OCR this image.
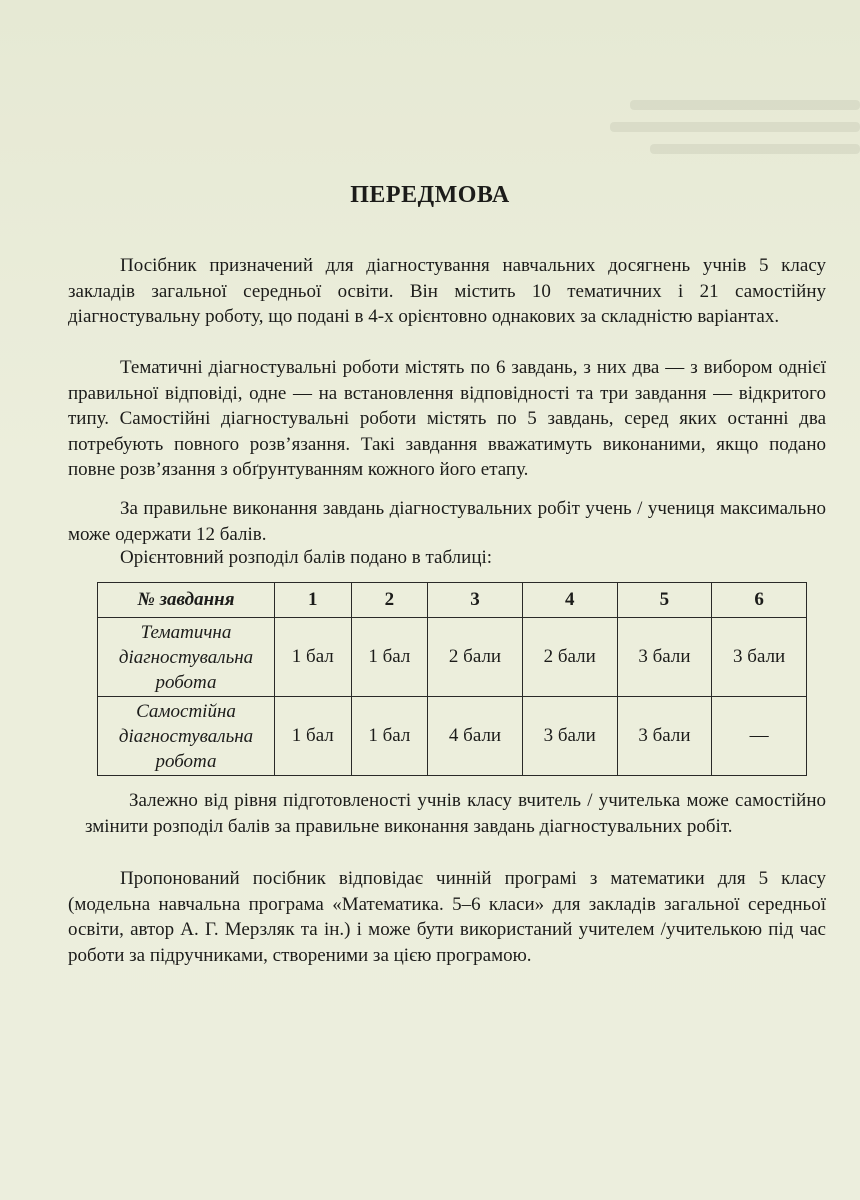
ПЕРЕДМОВА

Посібник призначений для діагностування навчальних досягнень учнів 5 класу закладів загальної середньої освіти. Він містить 10 тематичних і 21 самостійну діагностувальну роботу, що подані в 4-х орієнтовно однакових за складністю варіантах.

Тематичні діагностувальні роботи містять по 6 завдань, з них два — з вибором однієї правильної відповіді, одне — на встановлення відповідності та три завдання — відкритого типу. Самостійні діагностувальні роботи містять по 5 завдань, серед яких останні два потребують повного розв’язання. Такі завдання вважатимуть виконаними, якщо подано повне розв’язання з обґрунтуванням кожного його етапу.

За правильне виконання завдань діагностувальних робіт учень / учениця максимально може одержати 12 балів.

Орієнтовний розподіл балів подано в таблиці:

№ завдання	1	2	3	4	5	6

Тематична
діагностувальна
робота	1 бал	1 бал	2 бали	2 бали	3 бали	3 бали

Самостійна
діагностувальна
робота	1 бал	1 бал	4 бали	3 бали	3 бали	—

Залежно від рівня підготовленості учнів класу вчитель / учителька може самостійно змінити розподіл балів за правильне виконання завдань діагностувальних робіт.

Пропонований посібник відповідає чинній програмі з математики для 5 класу (модельна навчальна програма «Математика. 5–6 класи» для закладів загальної середньої освіти, автор А. Г. Мерзляк та ін.) і може бути використаний учителем /учителькою під час роботи за підручниками, створеними за цією програмою.
